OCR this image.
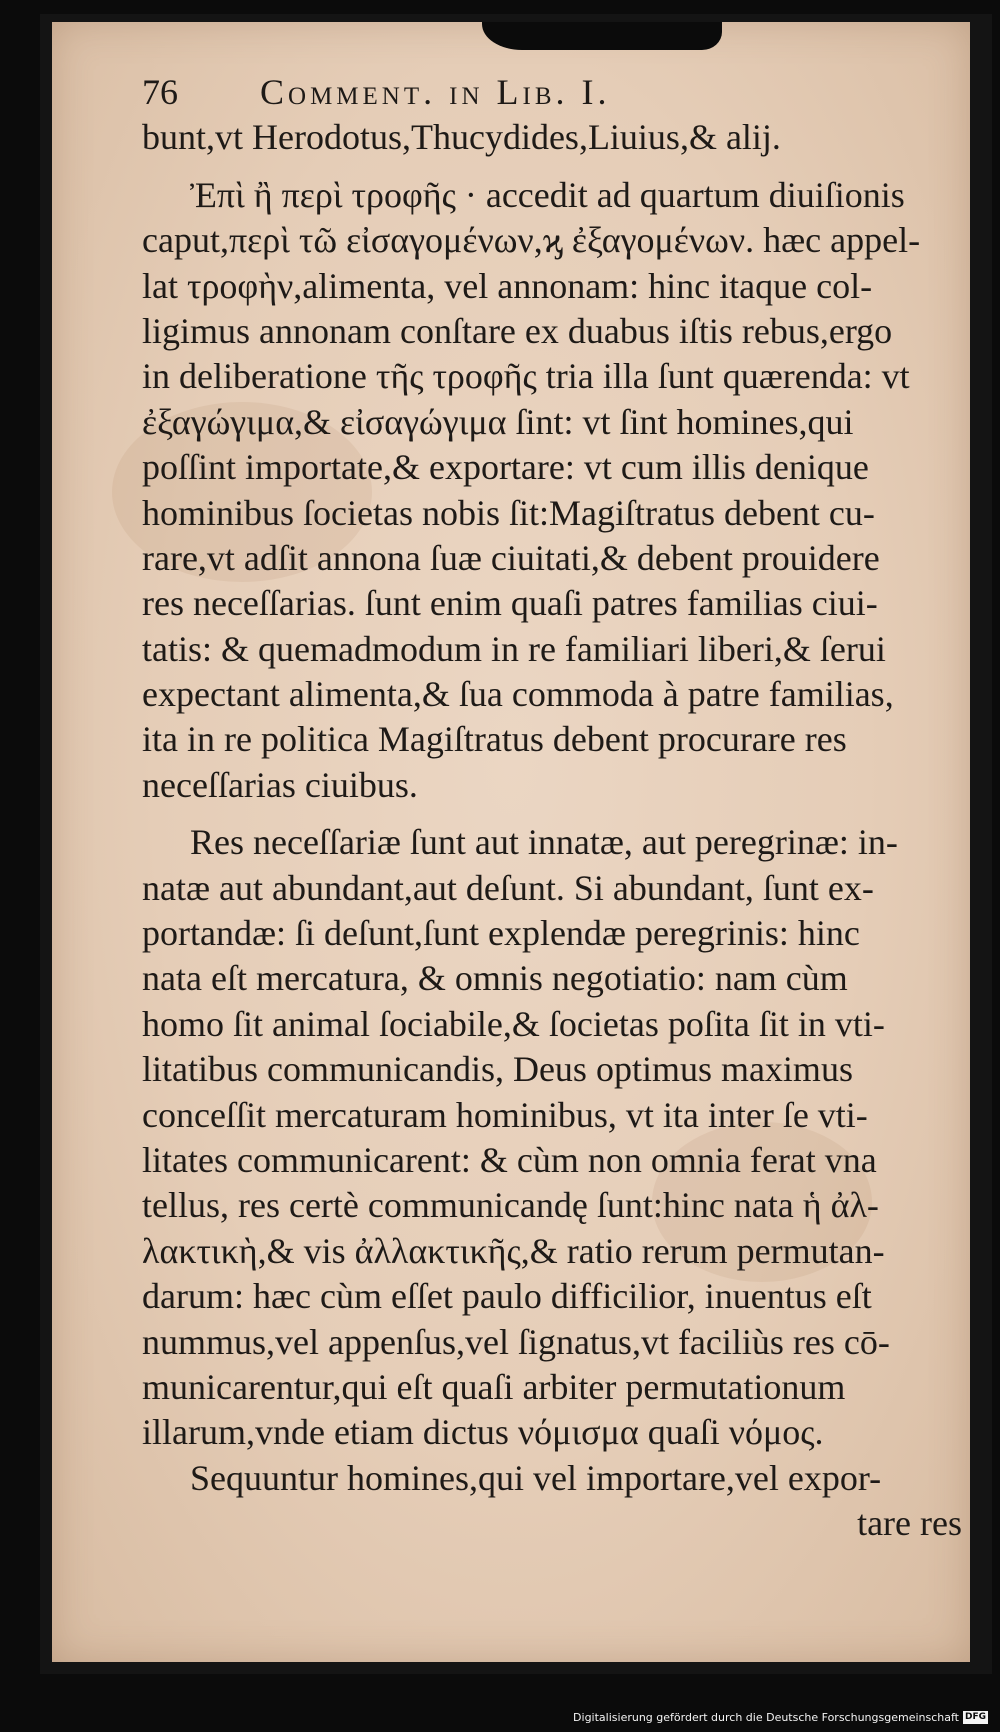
76 Comment. in Lib. I.
bunt,vt Herodotus,Thucydides,Liuius,& alij.
Ἐπὶ ἢ περὶ τροφῆς · accedit ad quartum diuiſionis
caput,περὶ τῶ εἰσαγομένων,ϗ ἐξαγομένων. hæc appel-
lat τροφὴν,alimenta, vel annonam: hinc itaque col-
ligimus annonam conſtare ex duabus iſtis rebus,ergo
in deliberatione τῆς τροφῆς tria illa ſunt quærenda: vt
ἐξαγώγιμα,& εἰσαγώγιμα ſint: vt ſint homines,qui
poſſint importate,& exportare: vt cum illis denique
hominibus ſocietas nobis ſit:Magiſtratus debent cu-
rare,vt adſit annona ſuæ ciuitati,& debent prouidere
res neceſſarias. ſunt enim quaſi patres familias ciui-
tatis: & quemadmodum in re familiari liberi,& ſerui
expectant alimenta,& ſua commoda à patre familias,
ita in re politica Magiſtratus debent procurare res
neceſſarias ciuibus.
Res neceſſariæ ſunt aut innatæ, aut peregrinæ: in-
natæ aut abundant,aut deſunt. Si abundant, ſunt ex-
portandæ: ſi deſunt,ſunt explendæ peregrinis: hinc
nata eſt mercatura, & omnis negotiatio: nam cùm
homo ſit animal ſociabile,& ſocietas poſita ſit in vti-
litatibus communicandis, Deus optimus maximus
conceſſit mercaturam hominibus, vt ita inter ſe vti-
litates communicarent: & cùm non omnia ferat vna
tellus, res certè communicandę ſunt:hinc nata ἡ ἀλ-
λακτικὴ,& vis ἀλλακτικῆς,& ratio rerum permutan-
darum: hæc cùm eſſet paulo difficilior, inuentus eſt
nummus,vel appenſus,vel ſignatus,vt faciliùs res cō-
municarentur,qui eſt quaſi arbiter permutationum
illarum,vnde etiam dictus νόμισμα quaſi νόμος.
Sequuntur homines,qui vel importare,vel expor-
tare res
Digitalisierung gefördert durch die Deutsche Forschungsgemeinschaft DFG
